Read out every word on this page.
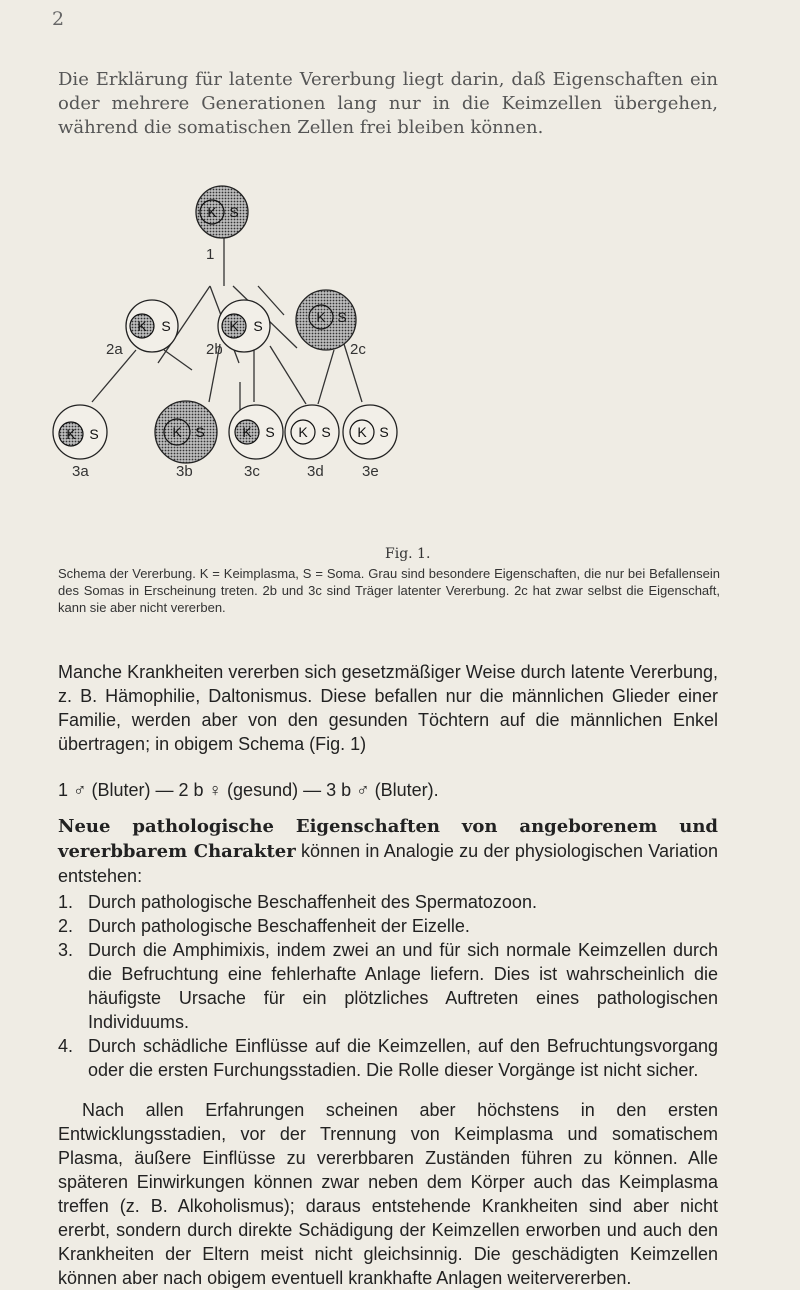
2

Die Erklärung für latente Vererbung liegt darin, daß Eigenschaften ein oder mehrere Generationen lang nur in die Keimzellen übergehen, während die somatischen Zellen frei bleiben können.

K S
1
K S
2a
K S
2b
K S
2c
K S
3a
K S
3b
K S
3c
K S
3d
K S
3e
Fig. 1.

Schema der Vererbung. K = Keimplasma, S = Soma. Grau sind besondere Eigenschaften, die nur bei Befallensein des Somas in Erscheinung treten. 2b und 3c sind Träger latenter Vererbung. 2c hat zwar selbst die Eigenschaft, kann sie aber nicht vererben.

Manche Krankheiten vererben sich gesetzmäßiger Weise durch latente Vererbung, z. B. Hämophilie, Daltonismus. Diese befallen nur die männlichen Glieder einer Familie, werden aber von den gesunden Töchtern auf die männlichen Enkel übertragen; in obigem Schema (Fig. 1)

1 ♂ (Bluter) — 2 b ♀ (gesund) — 3 b ♂ (Bluter).

Neue pathologische Eigenschaften von angeborenem und vererbbarem Charakter können in Analogie zu der physiologischen Variation entstehen:

1. Durch pathologische Beschaffenheit des Spermatozoon.
2. Durch pathologische Beschaffenheit der Eizelle.
3. Durch die Amphimixis, indem zwei an und für sich normale Keimzellen durch die Befruchtung eine fehlerhafte Anlage liefern. Dies ist wahrscheinlich die häufigste Ursache für ein plötzliches Auftreten eines pathologischen Individuums.
4. Durch schädliche Einflüsse auf die Keimzellen, auf den Befruchtungsvorgang oder die ersten Furchungsstadien. Die Rolle dieser Vorgänge ist nicht sicher.

Nach allen Erfahrungen scheinen aber höchstens in den ersten Entwicklungsstadien, vor der Trennung von Keimplasma und somatischem Plasma, äußere Einflüsse zu vererbbaren Zuständen führen zu können. Alle späteren Einwirkungen können zwar neben dem Körper auch das Keimplasma treffen (z. B. Alkoholismus); daraus entstehende Krankheiten sind aber nicht ererbt, sondern durch direkte Schädigung der Keimzellen erworben und auch den Krankheiten der Eltern meist nicht gleichsinnig. Die geschädigten Keimzellen können aber nach obigem eventuell krankhafte Anlagen weitervererben.
